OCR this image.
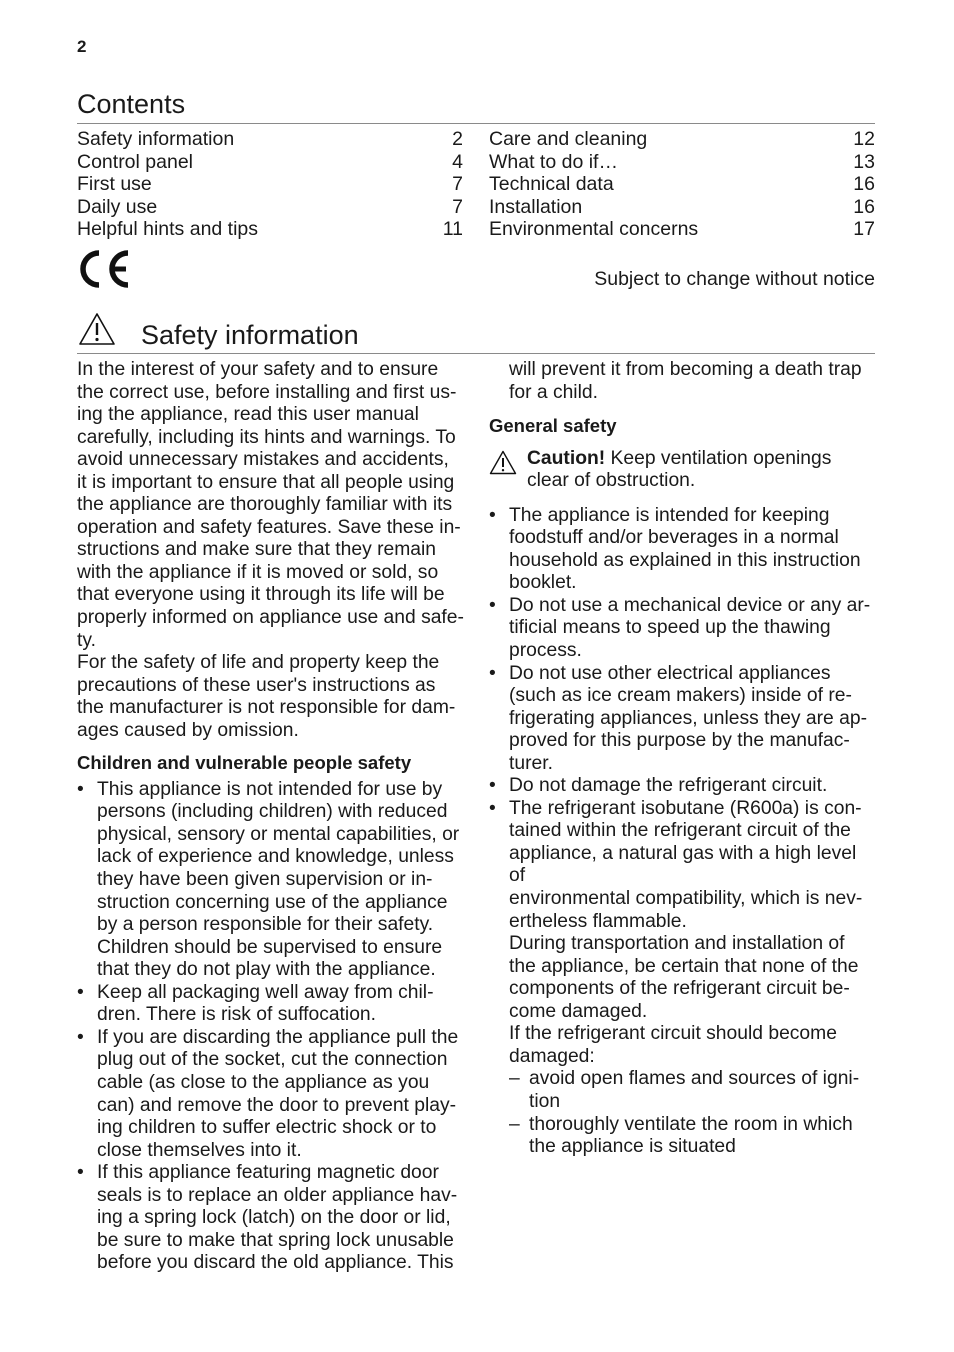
2
Contents
Safety information	2
Control panel	4
First use	7
Daily use	7
Helpful hints and tips	11
Care and cleaning	12
What to do if…	13
Technical data	16
Installation	16
Environmental concerns	17
Subject to change without notice
Safety information

In the interest of your safety and to ensure

the correct use, before installing and first us-

ing the appliance, read this user manual

carefully, including its hints and warnings. To

avoid unnecessary mistakes and accidents,

it is important to ensure that all people using

the appliance are thoroughly familiar with its

operation and safety features. Save these in-

structions and make sure that they remain

with the appliance if it is moved or sold, so

that everyone using it through its life will be

properly informed on appliance use and safe-

ty.

For the safety of life and property keep the

precautions of these user's instructions as

the manufacturer is not responsible for dam-

ages caused by omission.

Children and vulnerable people safety

• This appliance is not intended for use by

persons (including children) with reduced

physical, sensory or mental capabilities, or

lack of experience and knowledge, unless

they have been given supervision or in-

struction concerning use of the appliance

by a person responsible for their safety.

Children should be supervised to ensure

that they do not play with the appliance.

• Keep all packaging well away from chil-

dren. There is risk of suffocation.

• If you are discarding the appliance pull the

plug out of the socket, cut the connection

cable (as close to the appliance as you

can) and remove the door to prevent play-

ing children to suffer electric shock or to

close themselves into it.

• If this appliance featuring magnetic door

seals is to replace an older appliance hav-

ing a spring lock (latch) on the door or lid,

be sure to make that spring lock unusable

before you discard the old appliance. This

will prevent it from becoming a death trap

for a child.

General safety

Caution! Keep ventilation openings

clear of obstruction.

• The appliance is intended for keeping

foodstuff and/or beverages in a normal

household as explained in this instruction

booklet.

• Do not use a mechanical device or any ar-

tificial means to speed up the thawing

process.

• Do not use other electrical appliances

(such as ice cream makers) inside of re-

frigerating appliances, unless they are ap-

proved for this purpose by the manufac-

turer.

• Do not damage the refrigerant circuit.

• The refrigerant isobutane (R600a) is con-

tained within the refrigerant circuit of the

appliance, a natural gas with a high level of

environmental compatibility, which is nev-

ertheless flammable.

During transportation and installation of

the appliance, be certain that none of the

components of the refrigerant circuit be-

come damaged.

If the refrigerant circuit should become

damaged:

– avoid open flames and sources of igni-

tion

– thoroughly ventilate the room in which

the appliance is situated
